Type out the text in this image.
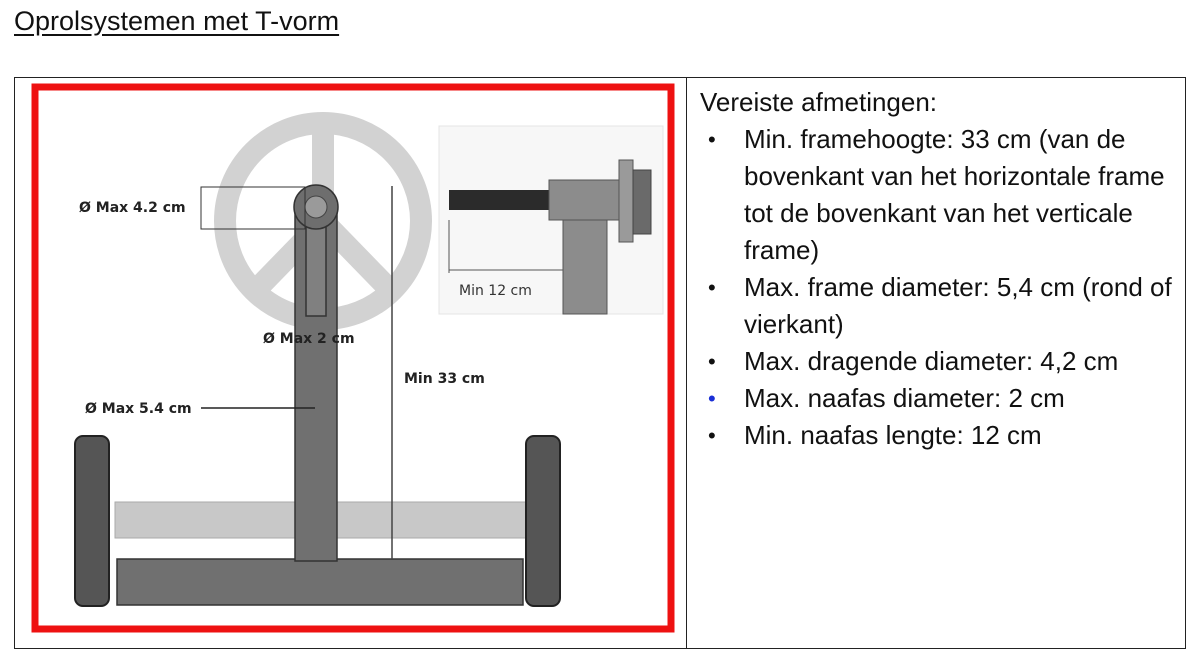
Oprolsystemen met T-vorm
Ø Max 4.2 cm
Ø Max 2 cm
Min 33 cm
Ø Max 5.4 cm
Min 12 cm
Vereiste afmetingen:
• Min. framehoogte: 33 cm (van de bovenkant van het horizontale frame tot de bovenkant van het verticale frame)
• Max. frame diameter: 5,4 cm (rond of vierkant)
• Max. dragende diameter: 4,2 cm
• Max. naafas diameter: 2 cm
• Min. naafas lengte: 12 cm
